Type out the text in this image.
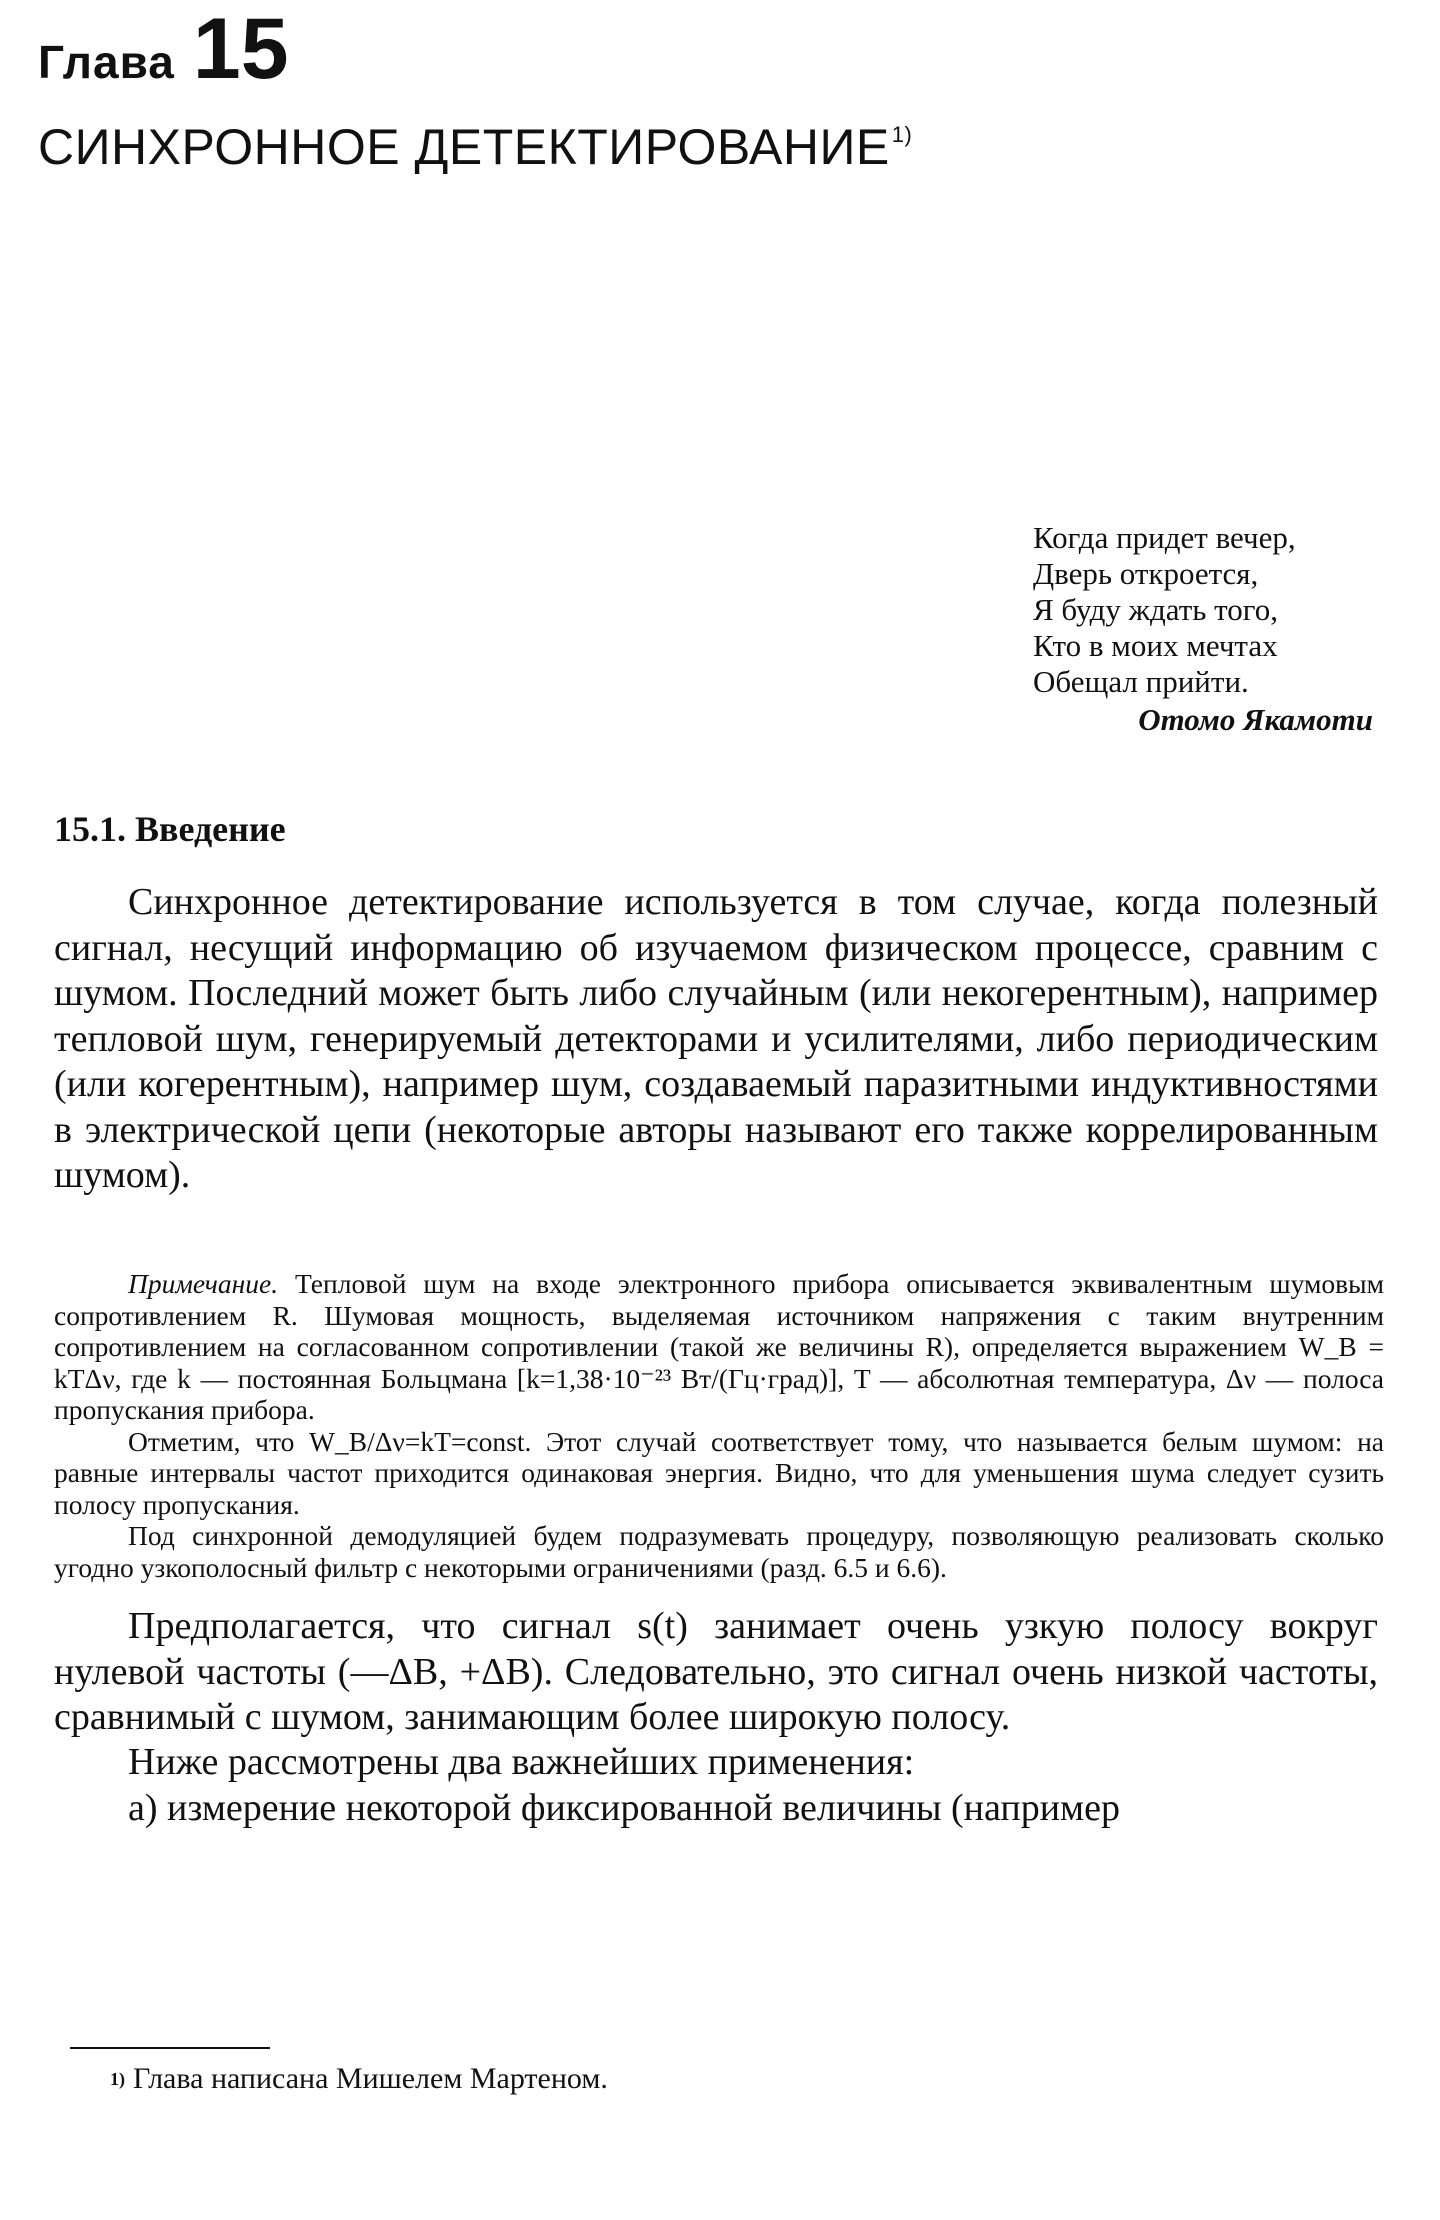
Глава 15
СИНХРОННОЕ ДЕТЕКТИРОВАНИЕ$^{1)}$
Когда придет вечер,
Дверь откроется,
Я буду ждать того,
Кто в моих мечтах
Обещал прийти.
Отомо Якамоти
15.1. Введение

Синхронное детектирование используется в том случае, когда полезный сигнал, несущий информацию об изучаемом физическом процессе, сравним с шумом. Последний может быть либо случайным (или некогерентным), например тепловой шум, генерируемый детекторами и усилителями, либо периодическим (или когерентным), например шум, создаваемый паразитными индуктивностями в электрической цепи (некоторые авторы называют его также коррелированным шумом).

Примечание. Тепловой шум на входе электронного прибора описывается эквивалентным шумовым сопротивлением R. Шумовая мощность, выделяемая источником напряжения с таким внутренним сопротивлением на согласованном сопротивлении (такой же величины R), определяется выражением W_B = kTΔν, где k — постоянная Больцмана [k=1,38·10⁻²³ Вт/(Гц·град)], T — абсолютная температура, Δν — полоса пропускания прибора.

Отметим, что W_B/Δν=kT=const. Этот случай соответствует тому, что называется белым шумом: на равные интервалы частот приходится одинаковая энергия. Видно, что для уменьшения шума следует сузить полосу пропускания.

Под синхронной демодуляцией будем подразумевать процедуру, позволяющую реализовать сколько угодно узкополосный фильтр с некоторыми ограничениями (разд. 6.5 и 6.6).

Предполагается, что сигнал s(t) занимает очень узкую полосу вокруг нулевой частоты (—ΔB, +ΔB). Следовательно, это сигнал очень низкой частоты, сравнимый с шумом, занимающим более широкую полосу.

Ниже рассмотрены два важнейших применения:

а) измерение некоторой фиксированной величины (например

$^{1)}$ Глава написана Мишелем Мартеном.
